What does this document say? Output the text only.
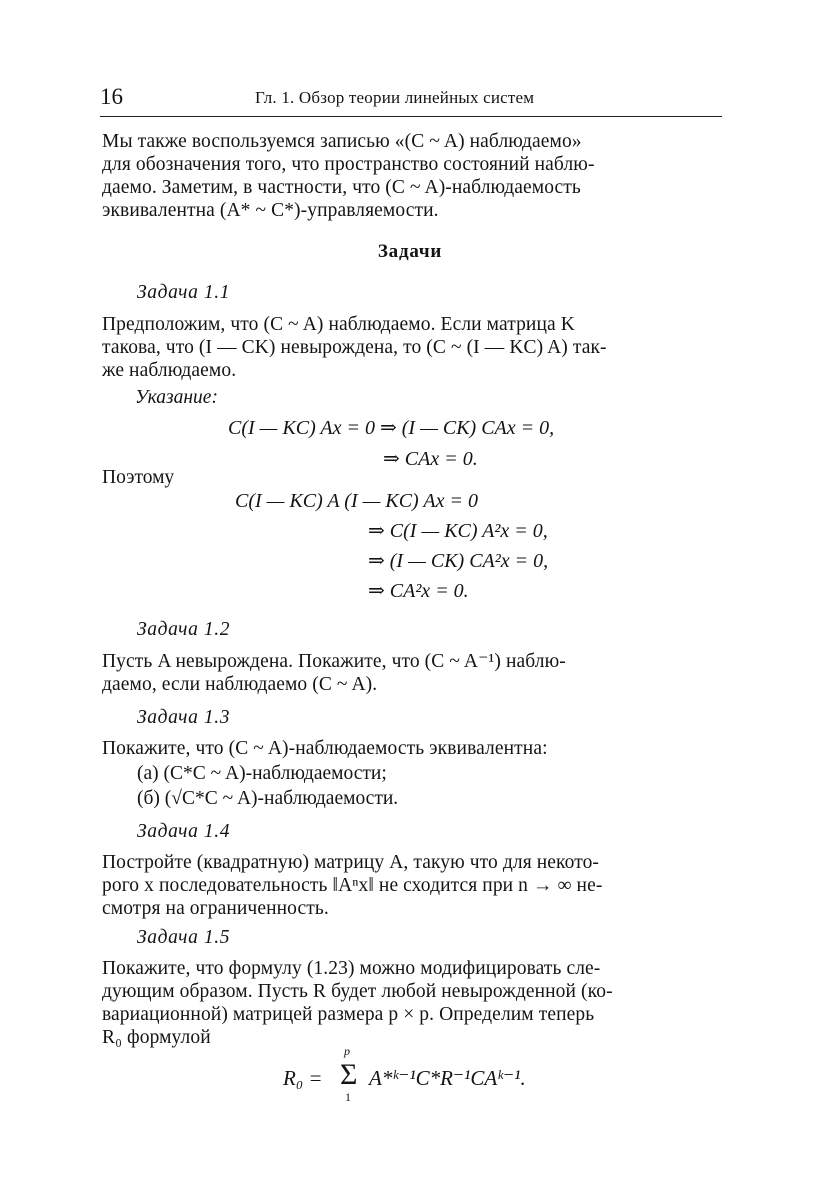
16	Гл. 1. Обзор теории линейных систем

Мы также воспользуемся записью «(C ~ A) наблюдаемо»

для обозначения того, что пространство состояний наблю-

даемо. Заметим, в частности, что (C ~ A)-наблюдаемость

эквивалентна (A* ~ C*)-управляемости.

Задачи
Задача 1.1

Предположим, что (C ~ A) наблюдаемо. Если матрица K

такова, что (I — CK) невырождена, то (C ~ (I — KC) A) так-

же наблюдаемо.

Указание:
C(I — KC) Ax = 0 ⇒ (I — CK) CAx = 0,
⇒ CAx = 0.
Поэтому
C(I — KC) A (I — KC) Ax = 0
⇒ C(I — KC) A²x = 0,
⇒ (I — CK) CA²x = 0,
⇒ CA²x = 0.
Задача 1.2

Пусть A невырождена. Покажите, что (C ~ A⁻¹) наблю-

даемо, если наблюдаемо (C ~ A).

Задача 1.3
Покажите, что (C ~ A)-наблюдаемость эквивалентна:
(а) (C*C ~ A)-наблюдаемости;
(б) (√C*C ~ A)-наблюдаемости.
Задача 1.4

Постройте (квадратную) матрицу A, такую что для некото-

рого x последовательность ‖Aⁿx‖ не сходится при n → ∞ не-

смотря на ограниченность.

Задача 1.5

Покажите, что формулу (1.23) можно модифицировать сле-

дующим образом. Пусть R будет любой невырожденной (ко-

вариационной) матрицей размера p × p. Определим теперь

R₀ формулой

R₀ =
p
Σ
1
A*ᵏ⁻¹C*R⁻¹CAᵏ⁻¹.
